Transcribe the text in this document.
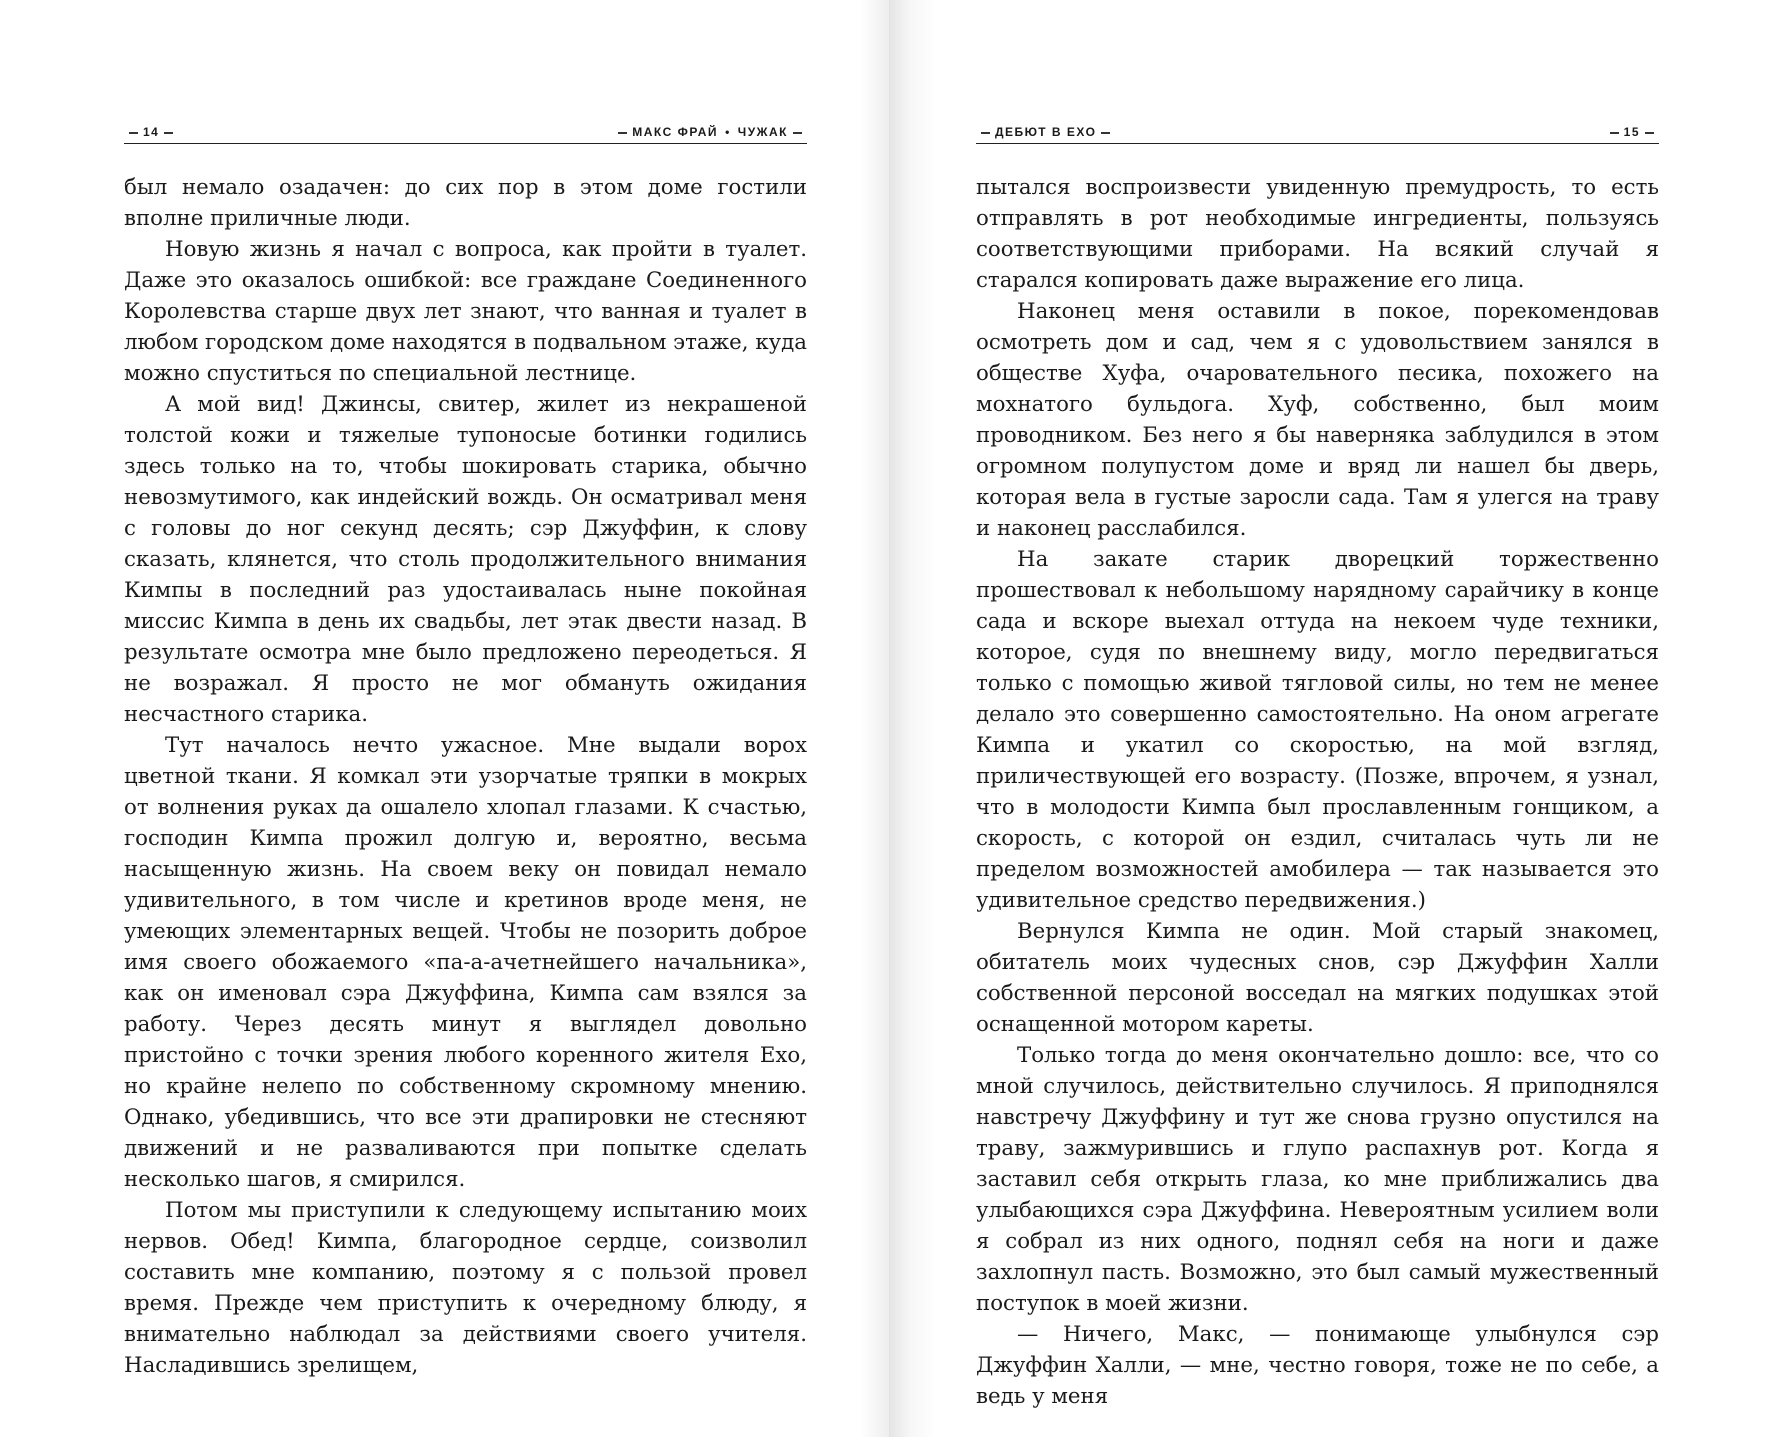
14	МАКС ФРАЙ • ЧУЖАК

был немало озадачен: до сих пор в этом доме гостили вполне приличные люди.

Новую жизнь я начал с вопроса, как пройти в туалет. Даже это оказалось ошибкой: все граждане Соединенного Королевства старше двух лет знают, что ванная и туалет в любом городском доме находятся в подвальном этаже, куда можно спуститься по специальной лестнице.

А мой вид! Джинсы, свитер, жилет из некрашеной толстой кожи и тяжелые тупоносые ботинки годились здесь только на то, чтобы шокировать старика, обычно невозмутимого, как индейский вождь. Он осматривал меня с головы до ног секунд десять; сэр Джуффин, к слову сказать, клянется, что столь продолжительного внимания Кимпы в последний раз удостаивалась ныне покойная миссис Кимпа в день их свадьбы, лет этак двести назад. В результате осмотра мне было предложено переодеться. Я не возражал. Я просто не мог обмануть ожидания несчастного старика.

Тут началось нечто ужасное. Мне выдали ворох цветной ткани. Я комкал эти узорчатые тряпки в мокрых от волнения руках да ошалело хлопал глазами. К счастью, господин Кимпа прожил долгую и, вероятно, весьма насыщенную жизнь. На своем веку он повидал немало удивительного, в том числе и кретинов вроде меня, не умеющих элементарных вещей. Чтобы не позорить доброе имя своего обожаемого «па-а-ачетнейшего начальника», как он именовал сэра Джуффина, Кимпа сам взялся за работу. Через десять минут я выглядел довольно пристойно с точки зрения любого коренного жителя Ехо, но крайне нелепо по собственному скромному мнению. Однако, убедившись, что все эти драпировки не стесняют движений и не разваливаются при попытке сделать несколько шагов, я смирился.

Потом мы приступили к следующему испытанию моих нервов. Обед! Кимпа, благородное сердце, соизволил составить мне компанию, поэтому я с пользой провел время. Прежде чем приступить к очередному блюду, я внимательно наблюдал за действиями своего учителя. Насладившись зрелищем,

ДЕБЮТ В ЕХО	15

пытался воспроизвести увиденную премудрость, то есть отправлять в рот необходимые ингредиенты, пользуясь соответствующими приборами. На всякий случай я старался копировать даже выражение его лица.

Наконец меня оставили в покое, порекомендовав осмотреть дом и сад, чем я с удовольствием занялся в обществе Хуфа, очаровательного песика, похожего на мохнатого бульдога. Хуф, собственно, был моим проводником. Без него я бы наверняка заблудился в этом огромном полупустом доме и вряд ли нашел бы дверь, которая вела в густые заросли сада. Там я улегся на траву и наконец расслабился.

На закате старик дворецкий торжественно прошествовал к небольшому нарядному сарайчику в конце сада и вскоре выехал оттуда на некоем чуде техники, которое, судя по внешнему виду, могло передвигаться только с помощью живой тягловой силы, но тем не менее делало это совершенно самостоятельно. На оном агрегате Кимпа и укатил со скоростью, на мой взгляд, приличествующей его возрасту. (Позже, впрочем, я узнал, что в молодости Кимпа был прославленным гонщиком, а скорость, с которой он ездил, считалась чуть ли не пределом возможностей амобилера — так называется это удивительное средство передвижения.)

Вернулся Кимпа не один. Мой старый знакомец, обитатель моих чудесных снов, сэр Джуффин Халли собственной персоной восседал на мягких подушках этой оснащенной мотором кареты.

Только тогда до меня окончательно дошло: все, что со мной случилось, действительно случилось. Я приподнялся навстречу Джуффину и тут же снова грузно опустился на траву, зажмурившись и глупо распахнув рот. Когда я заставил себя открыть глаза, ко мне приближались два улыбающихся сэра Джуффина. Невероятным усилием воли я собрал из них одного, поднял себя на ноги и даже захлопнул пасть. Возможно, это был самый мужественный поступок в моей жизни.

— Ничего, Макс, — понимающе улыбнулся сэр Джуффин Халли, — мне, честно говоря, тоже не по себе, а ведь у меня
